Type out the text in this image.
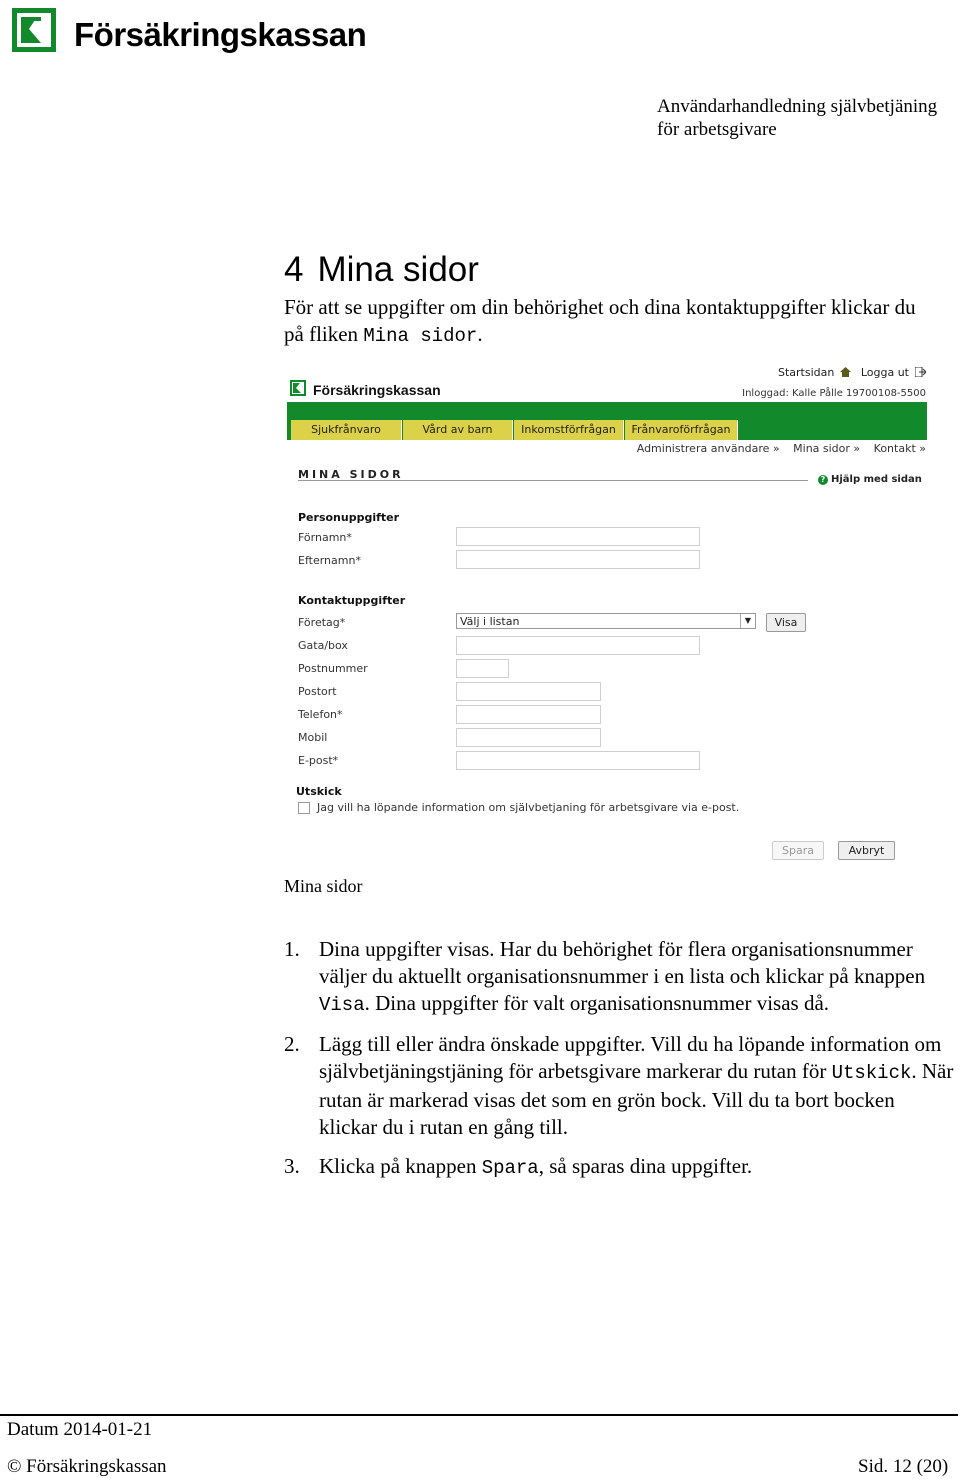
Försäkringskassan
Användarhandledning självbetjäning
för arbetsgivare
4 Mina sidor
För att se uppgifter om din behörighet och dina kontaktuppgifter klickar du på fliken Mina sidor.
Försäkringskassan
Startsidan Logga ut
Inloggad: Kalle Pålle 19700108-5500
Sjukfrånvaro	Vård av barn	Inkomstförfrågan	Frånvaroförfrågan
Administrera användare » Mina sidor » Kontakt »
MINA SIDOR	? Hjälp med sidan
Personuppgifter
Förnamn*
Efternamn*
Kontaktuppgifter
Företag*	Välj i listan	▼	Visa
Gata/box
Postnummer
Postort
Telefon*
Mobil
E-post*
Utskick
Jag vill ha löpande information om självbetjaning för arbetsgivare via e-post.
Spara	Avbryt
Mina sidor
1. Dina uppgifter visas. Har du behörighet för flera organisationsnummer väljer du aktuellt organisationsnummer i en lista och klickar på knappen Visa. Dina uppgifter för valt organisationsnummer visas då.
2. Lägg till eller ändra önskade uppgifter. Vill du ha löpande information om självbetjäningstjäning för arbetsgivare markerar du rutan för Utskick. När rutan är markerad visas det som en grön bock. Vill du ta bort bocken klickar du i rutan en gång till.
3. Klicka på knappen Spara, så sparas dina uppgifter.
Datum 2014-01-21
© Försäkringskassan	Sid. 12 (20)
